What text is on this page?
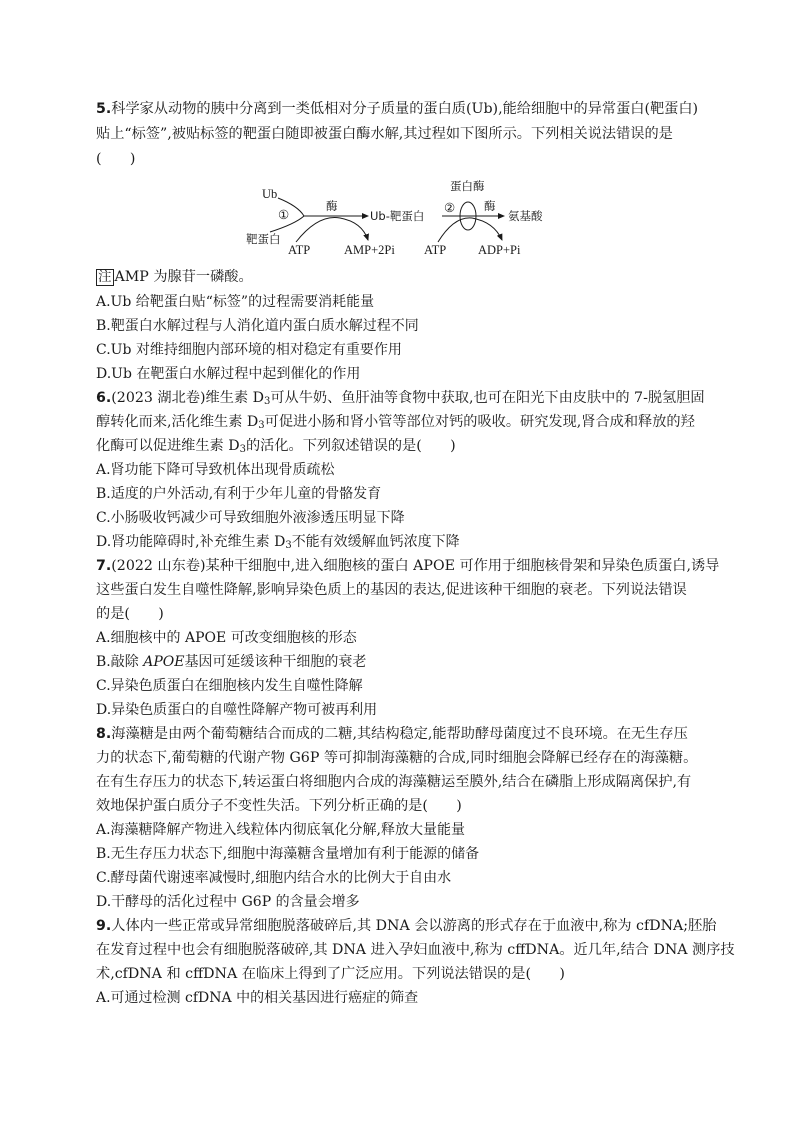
5.科学家从动物的胰中分离到一类低相对分子质量的蛋白质(Ub),能给细胞中的异常蛋白(靶蛋白)
贴上“标签”,被贴标签的靶蛋白随即被蛋白酶水解,其过程如下图所示。下列相关说法错误的是
(　　)
Ub
靶蛋白
①
酶
ATP	AMP+2Pi
Ub-靶蛋白
②
蛋白酶
酶
氨基酸
ATP	ADP+Pi
注 AMP 为腺苷一磷酸。
A.Ub 给靶蛋白贴“标签”的过程需要消耗能量
B.靶蛋白水解过程与人消化道内蛋白质水解过程不同
C.Ub 对维持细胞内部环境的相对稳定有重要作用
D.Ub 在靶蛋白水解过程中起到催化的作用
6.(2023 湖北卷)维生素 $D_3$可从牛奶、鱼肝油等食物中获取,也可在阳光下由皮肤中的 7-脱氢胆固
醇转化而来,活化维生素 $D_3$可促进小肠和肾小管等部位对钙的吸收。研究发现,肾合成和释放的羟
化酶可以促进维生素 $D_3$的活化。下列叙述错误的是(　　)
A.肾功能下降可导致机体出现骨质疏松
B.适度的户外活动,有利于少年儿童的骨骼发育
C.小肠吸收钙减少可导致细胞外液渗透压明显下降
D.肾功能障碍时,补充维生素 $D_3$不能有效缓解血钙浓度下降
7.(2022 山东卷)某种干细胞中,进入细胞核的蛋白 APOE 可作用于细胞核骨架和异染色质蛋白,诱导
这些蛋白发生自噬性降解,影响异染色质上的基因的表达,促进该种干细胞的衰老。下列说法错误
的是(　　)
A.细胞核中的 APOE 可改变细胞核的形态
B.敲除 APOE基因可延缓该种干细胞的衰老
C.异染色质蛋白在细胞核内发生自噬性降解
D.异染色质蛋白的自噬性降解产物可被再利用
8.海藻糖是由两个葡萄糖结合而成的二糖,其结构稳定,能帮助酵母菌度过不良环境。在无生存压
力的状态下,葡萄糖的代谢产物 G6P 等可抑制海藻糖的合成,同时细胞会降解已经存在的海藻糖。
在有生存压力的状态下,转运蛋白将细胞内合成的海藻糖运至膜外,结合在磷脂上形成隔离保护,有
效地保护蛋白质分子不变性失活。下列分析正确的是(　　)
A.海藻糖降解产物进入线粒体内彻底氧化分解,释放大量能量
B.无生存压力状态下,细胞中海藻糖含量增加有利于能源的储备
C.酵母菌代谢速率减慢时,细胞内结合水的比例大于自由水
D.干酵母的活化过程中 G6P 的含量会增多
9.人体内一些正常或异常细胞脱落破碎后,其 DNA 会以游离的形式存在于血液中,称为 cfDNA;胚胎
在发育过程中也会有细胞脱落破碎,其 DNA 进入孕妇血液中,称为 cffDNA。近几年,结合 DNA 测序技
术,cfDNA 和 cffDNA 在临床上得到了广泛应用。下列说法错误的是(　　)
A.可通过检测 cfDNA 中的相关基因进行癌症的筛查
